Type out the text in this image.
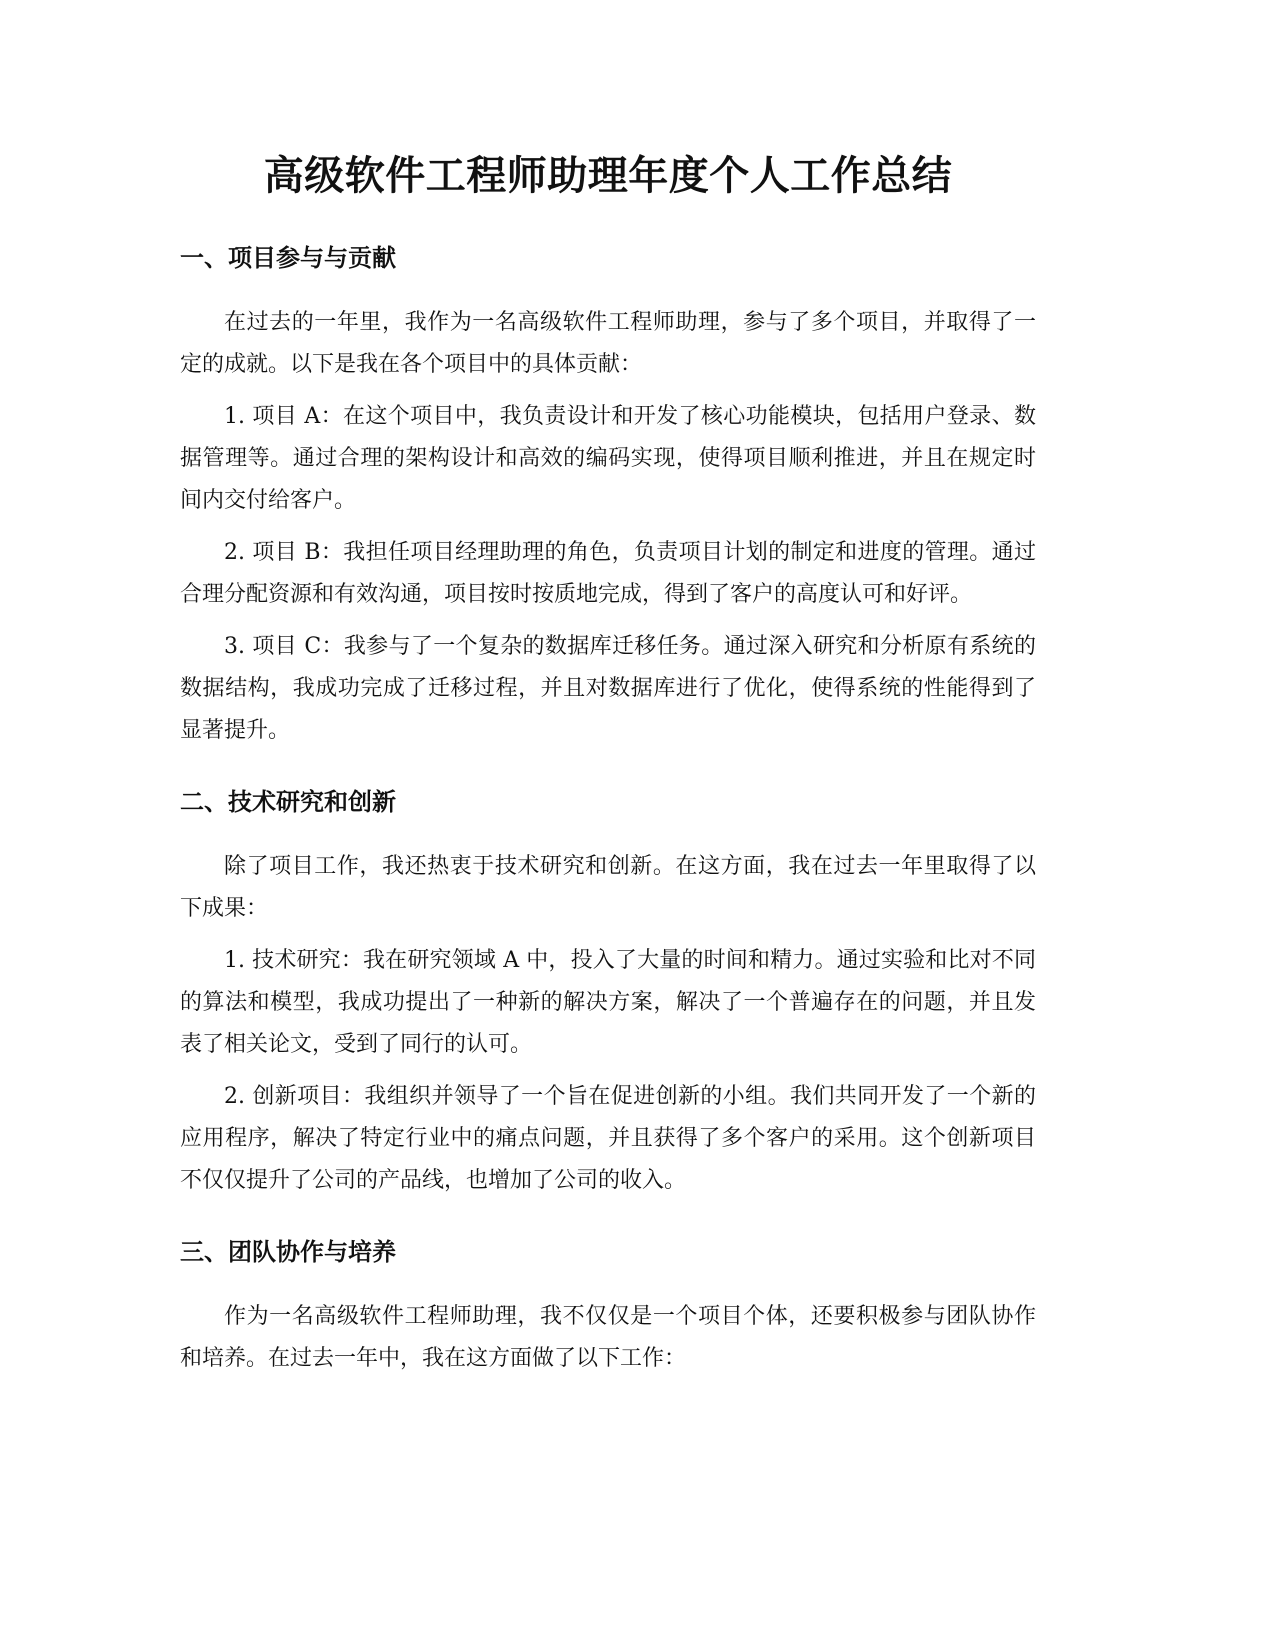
高级软件工程师助理年度个人工作总结
一、项目参与与贡献

在过去的一年里，我作为一名高级软件工程师助理，参与了多个项目，并取得了一定的成就。以下是我在各个项目中的具体贡献：

1. 项目 A：在这个项目中，我负责设计和开发了核心功能模块，包括用户登录、数据管理等。通过合理的架构设计和高效的编码实现，使得项目顺利推进，并且在规定时间内交付给客户。

2. 项目 B：我担任项目经理助理的角色，负责项目计划的制定和进度的管理。通过合理分配资源和有效沟通，项目按时按质地完成，得到了客户的高度认可和好评。

3. 项目 C：我参与了一个复杂的数据库迁移任务。通过深入研究和分析原有系统的数据结构，我成功完成了迁移过程，并且对数据库进行了优化，使得系统的性能得到了显著提升。

二、技术研究和创新

除了项目工作，我还热衷于技术研究和创新。在这方面，我在过去一年里取得了以下成果：

1. 技术研究：我在研究领域 A 中，投入了大量的时间和精力。通过实验和比对不同的算法和模型，我成功提出了一种新的解决方案，解决了一个普遍存在的问题，并且发表了相关论文，受到了同行的认可。

2. 创新项目：我组织并领导了一个旨在促进创新的小组。我们共同开发了一个新的应用程序，解决了特定行业中的痛点问题，并且获得了多个客户的采用。这个创新项目不仅仅提升了公司的产品线，也增加了公司的收入。

三、团队协作与培养

作为一名高级软件工程师助理，我不仅仅是一个项目个体，还要积极参与团队协作和培养。在过去一年中，我在这方面做了以下工作：
